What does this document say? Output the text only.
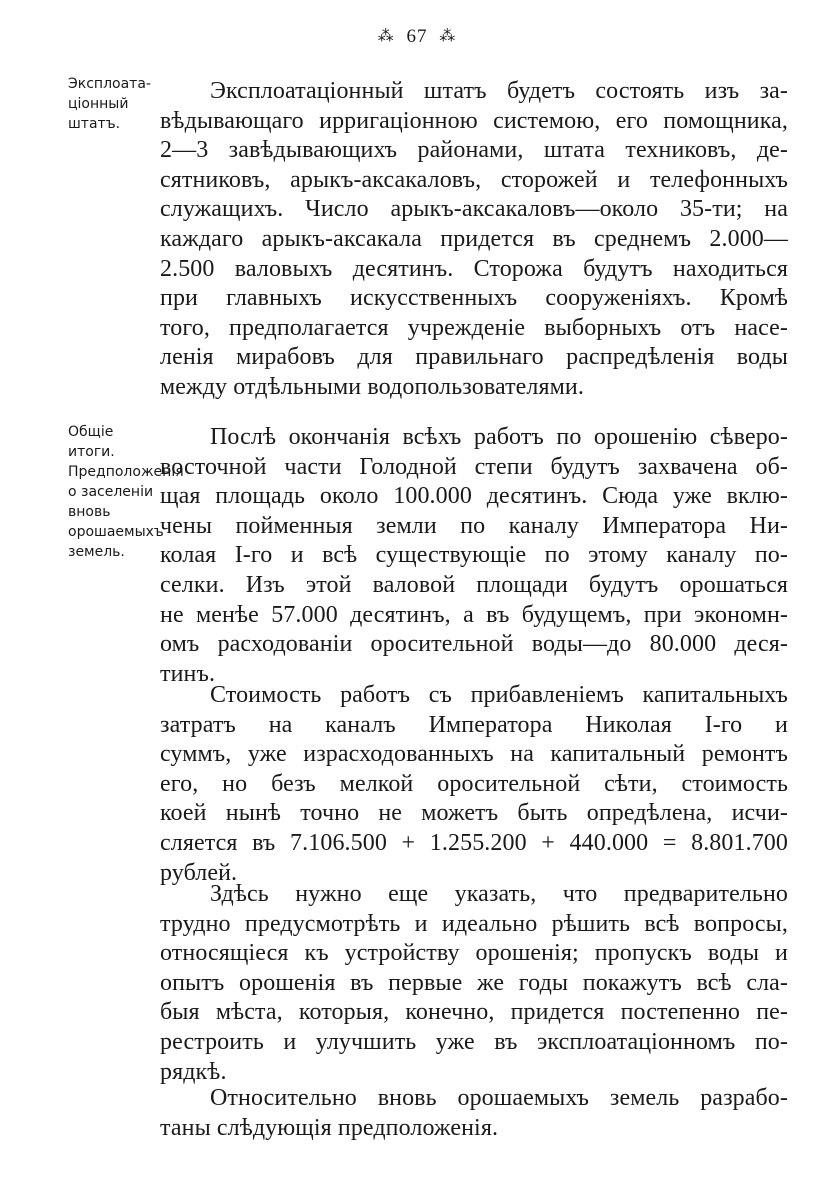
⁂ 67 ⁂
Эксплоата-ціонный штатъ.
Общіе итоги. Предположенія о заселеніи вновь орошаемыхъ земель.
Эксплоатаціонный штатъ будетъ состоять изъ за-
вѣдывающаго ирригаціонною системою, его помощника,
2—3 завѣдывающихъ районами, штата техниковъ, де-
сятниковъ, арыкъ-аксакаловъ, сторожей и телефонныхъ
служащихъ. Число арыкъ-аксакаловъ—около 35-ти; на
каждаго арыкъ-аксакала придется въ среднемъ 2.000—
2.500 валовыхъ десятинъ. Сторожа будутъ находиться
при главныхъ искусственныхъ сооруженіяхъ. Кромѣ
того, предполагается учрежденіе выборныхъ отъ насе-
ленія мирабовъ для правильнаго распредѣленія воды
между отдѣльными водопользователями.
Послѣ окончанія всѣхъ работъ по орошенію сѣверо-
восточной части Голодной степи будутъ захвачена об-
щая площадь около 100.000 десятинъ. Сюда уже вклю-
чены пойменныя земли по каналу Императора Ни-
колая І-го и всѣ существующіе по этому каналу по-
селки. Изъ этой валовой площади будутъ орошаться
не менѣе 57.000 десятинъ, а въ будущемъ, при экономн-
омъ расходованіи оросительной воды—до 80.000 деся-
тинъ.
Стоимость работъ съ прибавленіемъ капитальныхъ
затратъ на каналъ Императора Николая І-го и
суммъ, уже израсходованныхъ на капитальный ремонтъ
его, но безъ мелкой оросительной сѣти, стоимость
коей нынѣ точно не можетъ быть опредѣлена, исчи-
сляется въ 7.106.500 + 1.255.200 + 440.000 = 8.801.700
рублей.
Здѣсь нужно еще указать, что предварительно
трудно предусмотрѣть и идеально рѣшить всѣ вопросы,
относящіеся къ устройству орошенія; пропускъ воды и
опытъ орошенія въ первые же годы покажутъ всѣ сла-
быя мѣста, которыя, конечно, придется постепенно пе-
рестроить и улучшить уже въ эксплоатаціонномъ по-
рядкѣ.
Относительно вновь орошаемыхъ земель разрабо-
таны слѣдующія предположенія.
